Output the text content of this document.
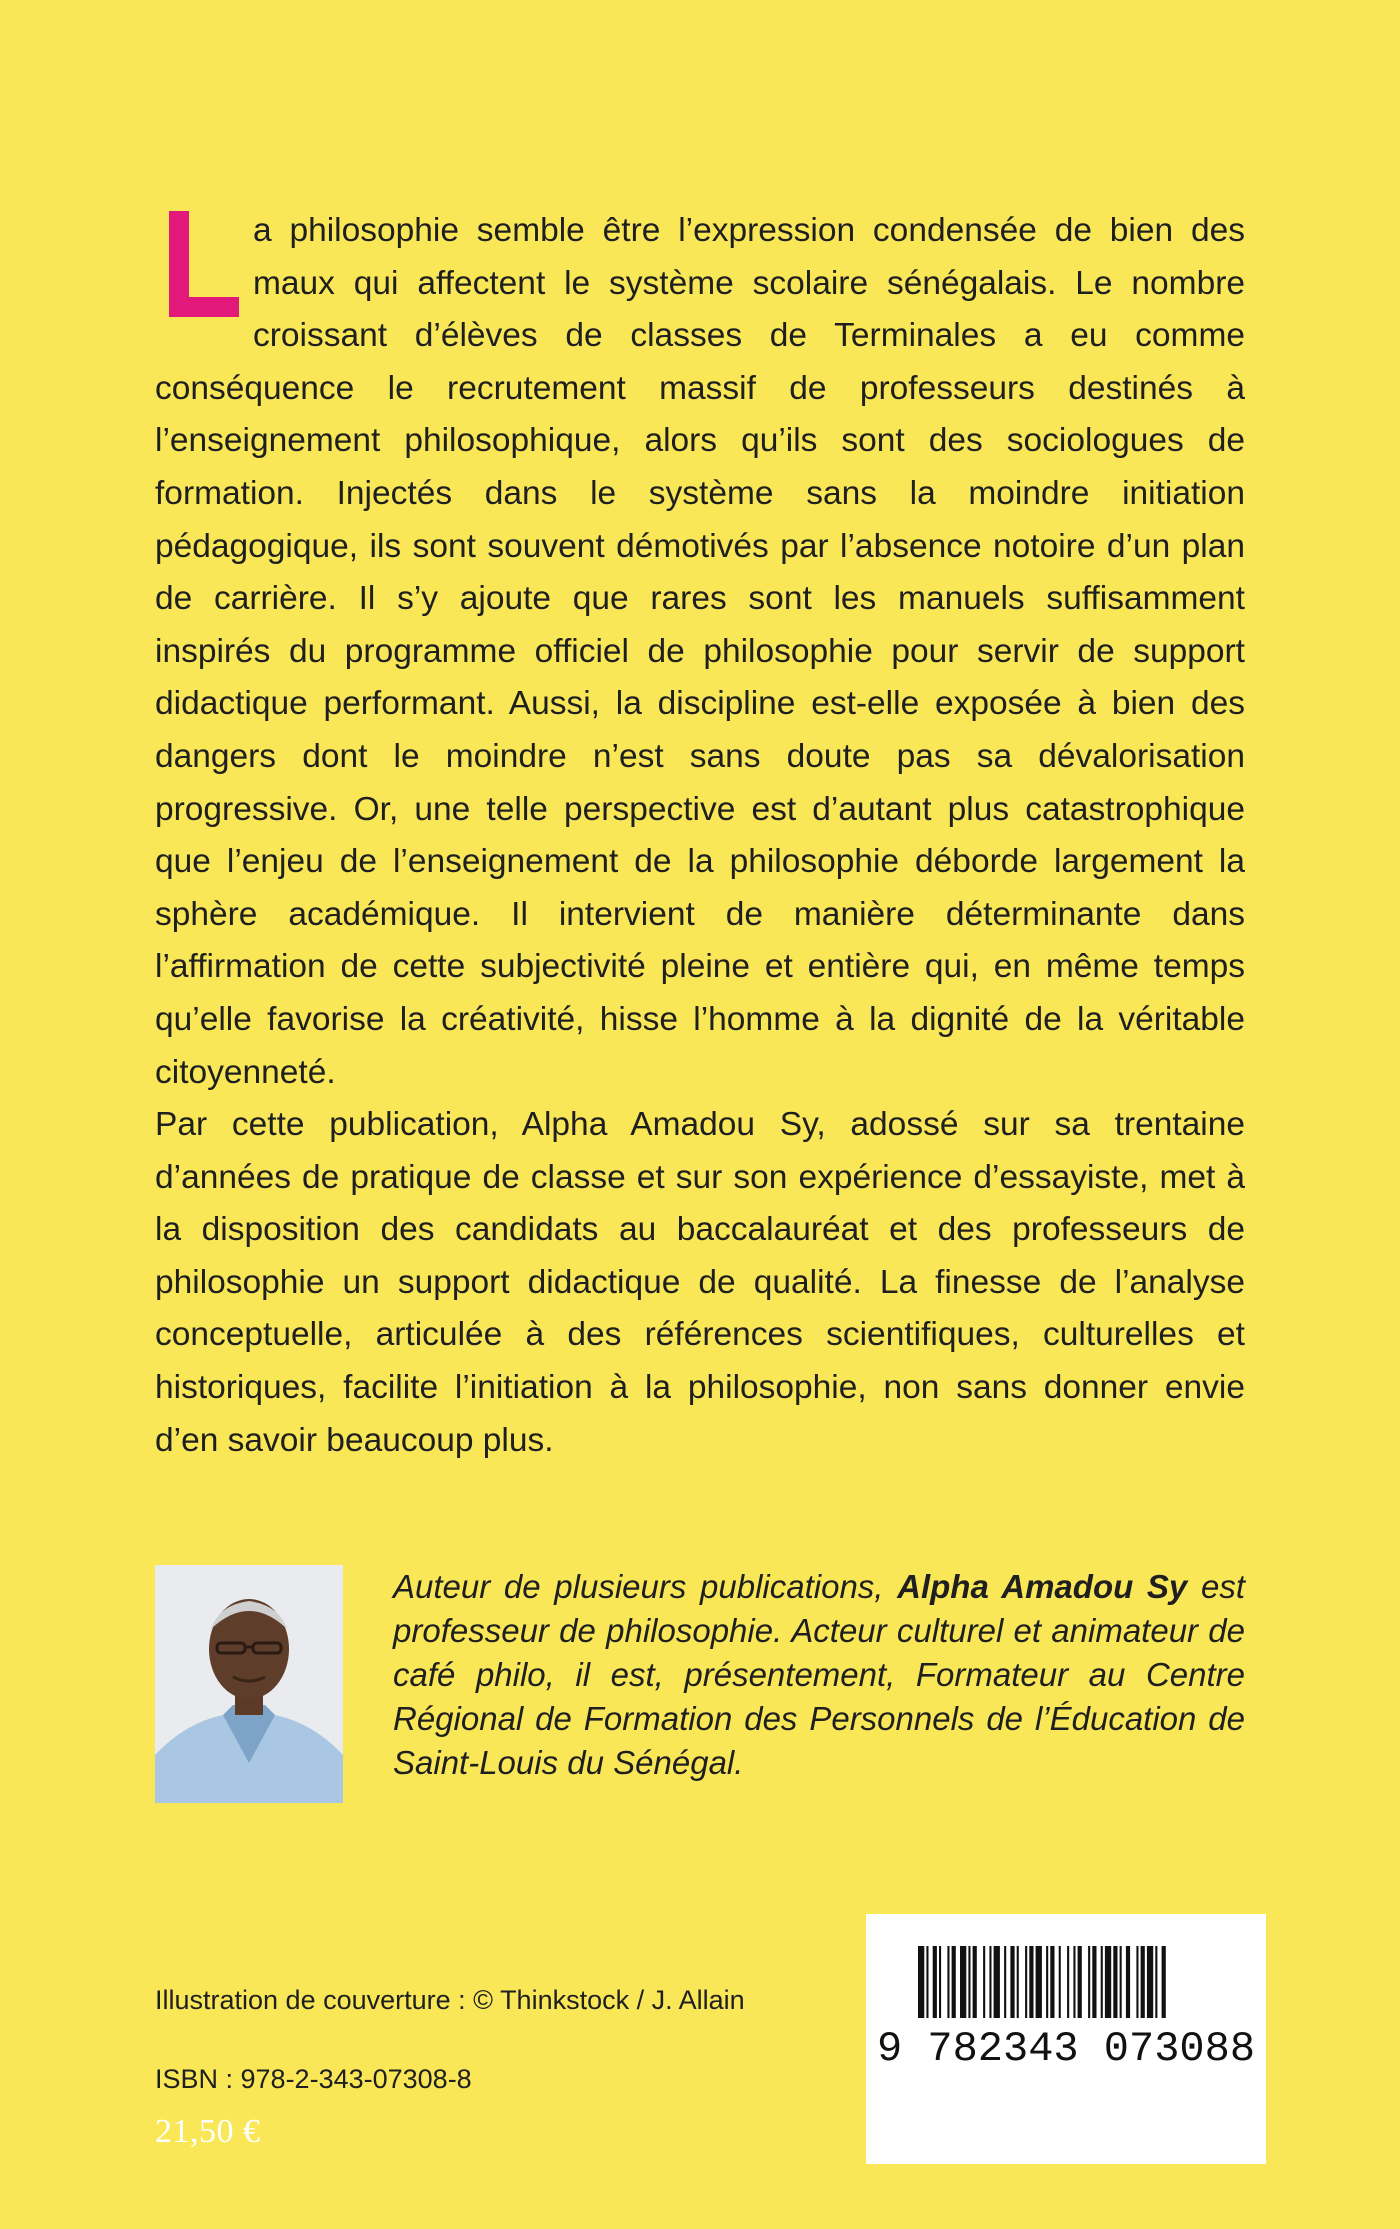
a philosophie semble être l’expression condensée de bien des maux qui affectent le système scolaire sénégalais. Le nombre croissant d’élèves de classes de Terminales a eu comme conséquence le recrutement massif de professeurs destinés à l’enseignement philosophique, alors qu’ils sont des sociologues de formation. Injectés dans le système sans la moindre initiation pédagogique, ils sont souvent démotivés par l’absence notoire d’un plan de carrière. Il s’y ajoute que rares sont les manuels suffisamment inspirés du programme officiel de philosophie pour servir de support didactique performant. Aussi, la discipline est-elle exposée à bien des dangers dont le moindre n’est sans doute pas sa dévalorisation progressive. Or, une telle perspective est d’autant plus catastrophique que l’enjeu de l’enseignement de la philosophie déborde largement la sphère académique. Il intervient de manière déterminante dans l’affirmation de cette subjectivité pleine et entière qui, en même temps qu’elle favorise la créativité, hisse l’homme à la dignité de la véritable citoyenneté.

Par cette publication, Alpha Amadou Sy, adossé sur sa trentaine d’années de pratique de classe et sur son expérience d’essayiste, met à la disposition des candidats au baccalauréat et des professeurs de philosophie un support didactique de qualité. La finesse de l’analyse conceptuelle, articulée à des références scientifiques, culturelles et historiques, facilite l’initiation à la philosophie, non sans donner envie d’en savoir beaucoup plus.

Auteur de plusieurs publications, Alpha Amadou Sy est professeur de philosophie. Acteur culturel et animateur de café philo, il est, présentement, Formateur au Centre Régional de Formation des Personnels de l’Éducation de Saint-Louis du Sénégal.
Illustration de couverture : © Thinkstock / J. Allain
ISBN : 978-2-343-07308-8
21,50 €
9 782343 073088
